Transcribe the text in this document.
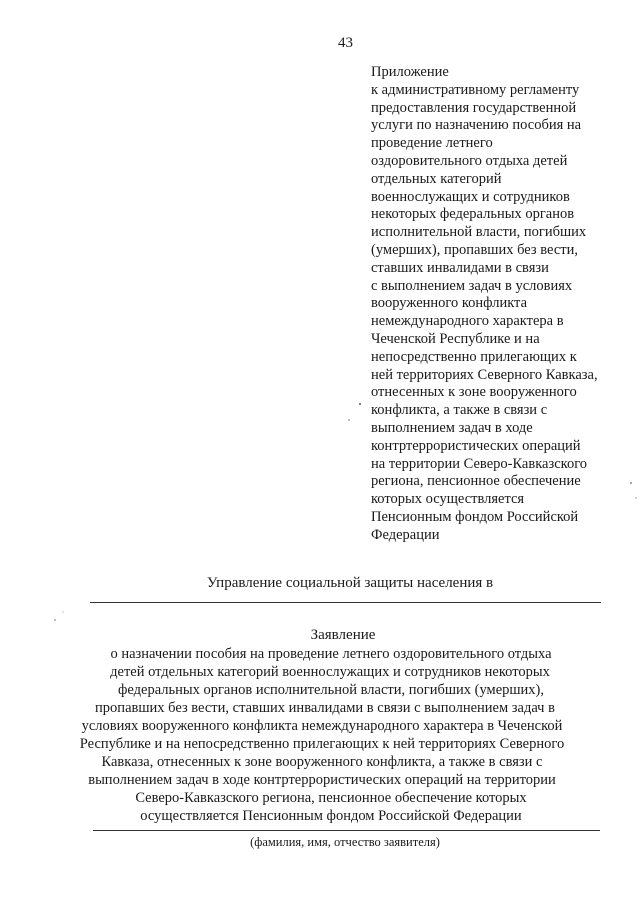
43
Приложение
к административному регламенту
предоставления государственной
услуги по назначению пособия на
проведение летнего
оздоровительного отдыха детей
отдельных категорий
военнослужащих и сотрудников
некоторых федеральных органов
исполнительной власти, погибших
(умерших), пропавших без вести,
ставших инвалидами в связи
с выполнением задач в условиях
вооруженного конфликта
немеждународного характера в
Чеченской Республике и на
непосредственно прилегающих к
ней территориях Северного Кавказа,
отнесенных к зоне вооруженного
конфликта, а также в связи с
выполнением задач в ходе
контртеррористических операций
на территории Северо-Кавказского
региона, пенсионное обеспечение
которых осуществляется
Пенсионным фондом Российской
Федерации
Управление социальной защиты населения в
Заявление
о назначении пособия на проведение летнего оздоровительного отдыха
детей отдельных категорий военнослужащих и сотрудников некоторых
федеральных органов исполнительной власти, погибших (умерших),
пропавших без вести, ставших инвалидами в связи с выполнением задач в
условиях вооруженного конфликта немеждународного характера в Чеченской
Республике и на непосредственно прилегающих к ней территориях Северного
Кавказа, отнесенных к зоне вооруженного конфликта, а также в связи с
выполнением задач в ходе контртеррористических операций на территории
Северо-Кавказского региона, пенсионное обеспечение которых
осуществляется Пенсионным фондом Российской Федерации
(фамилия, имя, отчество заявителя)
